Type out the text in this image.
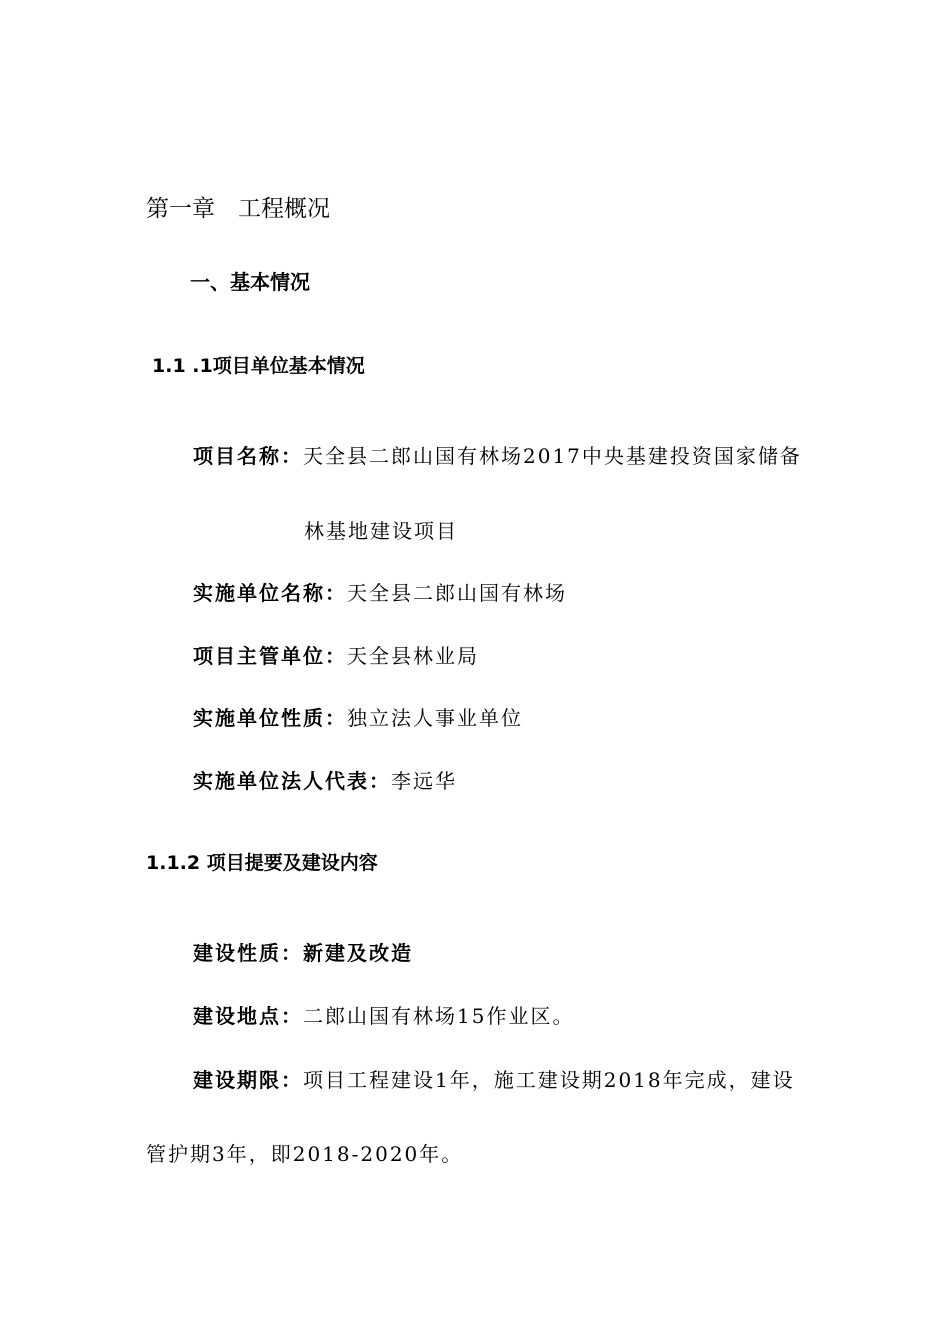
第一章　工程概况
一、基本情况
1.1 .1项目单位基本情况

项目名称：天全县二郎山国有林场2017中央基建投资国家储备

林基地建设项目

实施单位名称：天全县二郎山国有林场

项目主管单位：天全县林业局

实施单位性质：独立法人事业单位

实施单位法人代表：李远华

1.1.2 项目提要及建设内容

建设性质：新建及改造

建设地点：二郎山国有林场15作业区。

建设期限：项目工程建设1年，施工建设期2018年完成，建设

管护期3年，即2018-2020年。
